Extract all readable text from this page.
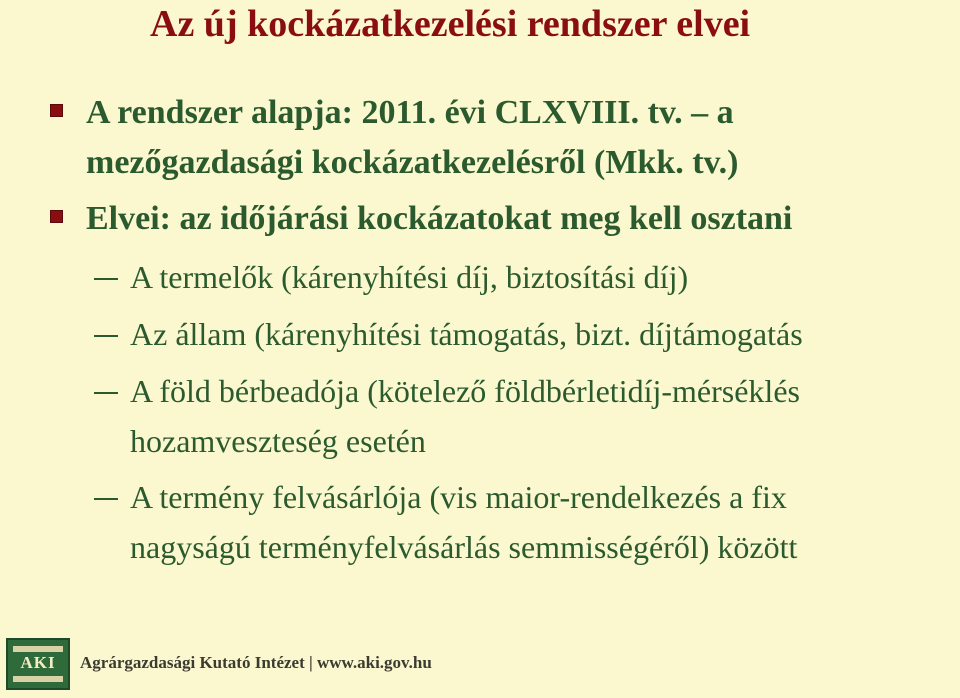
Az új kockázatkezelési rendszer elvei
A rendszer alapja: 2011. évi CLXVIII. tv. – a
mezőgazdasági kockázatkezelésről (Mkk. tv.)
Elvei: az időjárási kockázatokat meg kell osztani
A termelők (kárenyhítési díj, biztosítási díj)
Az állam (kárenyhítési támogatás, bizt. díjtámogatás
A föld bérbeadója (kötelező földbérletidíj-mérséklés
hozamveszteség esetén
A termény felvásárlója (vis maior-rendelkezés a fix
nagyságú terményfelvásárlás semmisségéről) között
AKI	Agrárgazdasági Kutató Intézet | www.aki.gov.hu
